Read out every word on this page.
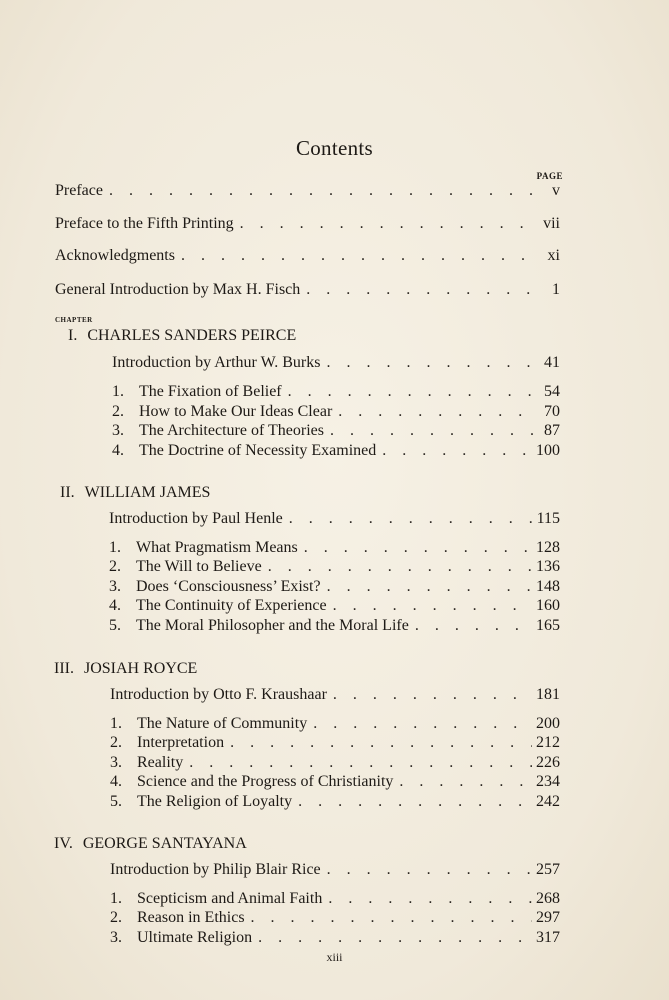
Contents
PAGE
Preface . . .	v
Preface to the Fifth Printing . . .	vii
Acknowledgments . . .	xi
General Introduction by Max H. Fisch . . .	1
CHAPTER
I. CHARLES SANDERS PEIRCE
Introduction by Arthur W. Burks . . .	41
1. The Fixation of Belief . . .	54
2. How to Make Our Ideas Clear . . .	70
3. The Architecture of Theories . . .	87
4. The Doctrine of Necessity Examined . . .	100
II. WILLIAM JAMES
Introduction by Paul Henle . . .	115
1. What Pragmatism Means . . .	128
2. The Will to Believe . . .	136
3. Does ‘Consciousness’ Exist? . . .	148
4. The Continuity of Experience . . .	160
5. The Moral Philosopher and the Moral Life . . .	165
III. JOSIAH ROYCE
Introduction by Otto F. Kraushaar . . .	181
1. The Nature of Community . . .	200
2. Interpretation . . .	212
3. Reality . . .	226
4. Science and the Progress of Christianity . . .	234
5. The Religion of Loyalty . . .	242
IV. GEORGE SANTAYANA
Introduction by Philip Blair Rice . . .	257
1. Scepticism and Animal Faith . . .	268
2. Reason in Ethics . . .	297
3. Ultimate Religion . . .	317
xiii
